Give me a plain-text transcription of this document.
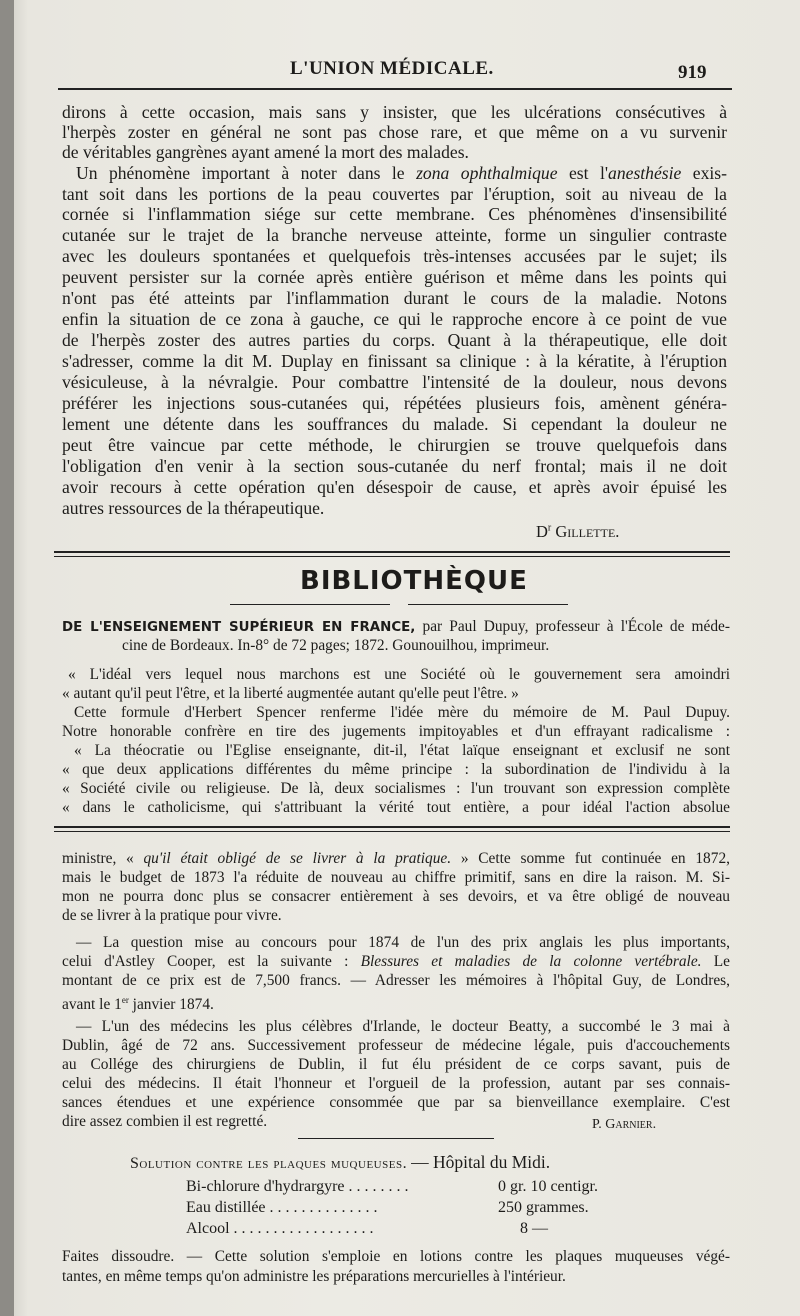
L'UNION MÉDICALE.	919
dirons à cette occasion, mais sans y insister, que les ulcérations consécutives à
l'herpès zoster en général ne sont pas chose rare, et que même on a vu survenir
de véritables gangrènes ayant amené la mort des malades.
Un phénomène important à noter dans le zona ophthalmique est l'anesthésie exis-
tant soit dans les portions de la peau couvertes par l'éruption, soit au niveau de la
cornée si l'inflammation siége sur cette membrane. Ces phénomènes d'insensibilité
cutanée sur le trajet de la branche nerveuse atteinte, forme un singulier contraste
avec les douleurs spontanées et quelquefois très-intenses accusées par le sujet; ils
peuvent persister sur la cornée après entière guérison et même dans les points qui
n'ont pas été atteints par l'inflammation durant le cours de la maladie. Notons
enfin la situation de ce zona à gauche, ce qui le rapproche encore à ce point de vue
de l'herpès zoster des autres parties du corps. Quant à la thérapeutique, elle doit
s'adresser, comme la dit M. Duplay en finissant sa clinique : à la kératite, à l'éruption
vésiculeuse, à la névralgie. Pour combattre l'intensité de la douleur, nous devons
préférer les injections sous-cutanées qui, répétées plusieurs fois, amènent généra-
lement une détente dans les souffrances du malade. Si cependant la douleur ne
peut être vaincue par cette méthode, le chirurgien se trouve quelquefois dans
l'obligation d'en venir à la section sous-cutanée du nerf frontal; mais il ne doit
avoir recours à cette opération qu'en désespoir de cause, et après avoir épuisé les
autres ressources de la thérapeutique.
$D^r$ Gillette.
BIBLIOTHÈQUE
DE L'ENSEIGNEMENT SUPÉRIEUR EN FRANCE, par Paul Dupuy, professeur à l'École de méde-
cine de Bordeaux. In-8° de 72 pages; 1872. Gounouilhou, imprimeur.
« L'idéal vers lequel nous marchons est une Société où le gouvernement sera amoindri
« autant qu'il peut l'être, et la liberté augmentée autant qu'elle peut l'être. »
Cette formule d'Herbert Spencer renferme l'idée mère du mémoire de M. Paul Dupuy.
Notre honorable confrère en tire des jugements impitoyables et d'un effrayant radicalisme :
« La théocratie ou l'Eglise enseignante, dit-il, l'état laïque enseignant et exclusif ne sont
« que deux applications différentes du même principe : la subordination de l'individu à la
« Société civile ou religieuse. De là, deux socialismes : l'un trouvant son expression complète
« dans le catholicisme, qui s'attribuant la vérité tout entière, a pour idéal l'action absolue
ministre, « qu'il était obligé de se livrer à la pratique. » Cette somme fut continuée en 1872,
mais le budget de 1873 l'a réduite de nouveau au chiffre primitif, sans en dire la raison. M. Si-
mon ne pourra donc plus se consacrer entièrement à ses devoirs, et va être obligé de nouveau
de se livrer à la pratique pour vivre.
— La question mise au concours pour 1874 de l'un des prix anglais les plus importants,
celui d'Astley Cooper, est la suivante : Blessures et maladies de la colonne vertébrale. Le
montant de ce prix est de 7,500 francs. — Adresser les mémoires à l'hôpital Guy, de Londres,
avant le 1er janvier 1874.
— L'un des médecins les plus célèbres d'Irlande, le docteur Beatty, a succombé le 3 mai à
Dublin, âgé de 72 ans. Successivement professeur de médecine légale, puis d'accouchements
au Collége des chirurgiens de Dublin, il fut élu président de ce corps savant, puis de
celui des médecins. Il était l'honneur et l'orgueil de la profession, autant par ses connais-
sances étendues et une expérience consommée que par sa bienveillance exemplaire. C'est
dire assez combien il est regretté.	P. Garnier.
Solution contre les plaques muqueuses. — Hôpital du Midi.
Bi-chlorure d'hydrargyre . . . . . . . .	0 gr. 10 centigr.
Eau distillée . . . . . . . . . . . . . .	250 grammes.
Alcool . . . . . . . . . . . . . . . . . .	8 —
Faites dissoudre. — Cette solution s'emploie en lotions contre les plaques muqueuses végé-
tantes, en même temps qu'on administre les préparations mercurielles à l'intérieur.
